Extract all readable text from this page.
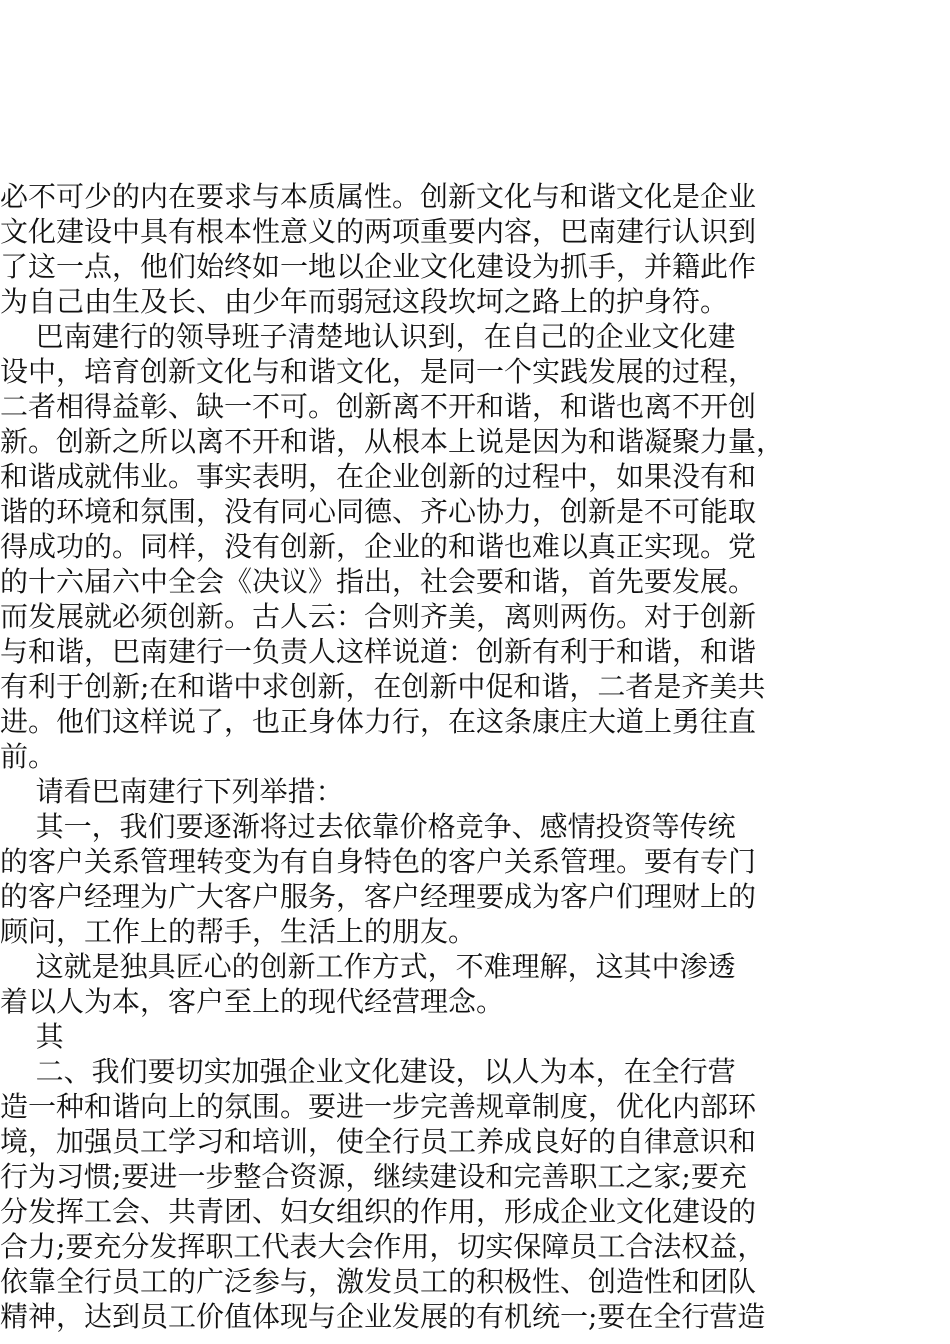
必不可少的内在要求与本质属性。创新文化与和谐文化是企业

文化建设中具有根本性意义的两项重要内容，巴南建行认识到

了这一点，他们始终如一地以企业文化建设为抓手，并籍此作

为自己由生及长、由少年而弱冠这段坎坷之路上的护身符。

巴南建行的领导班子清楚地认识到，在自己的企业文化建

设中，培育创新文化与和谐文化，是同一个实践发展的过程，

二者相得益彰、缺一不可。创新离不开和谐，和谐也离不开创

新。创新之所以离不开和谐，从根本上说是因为和谐凝聚力量，

和谐成就伟业。事实表明，在企业创新的过程中，如果没有和

谐的环境和氛围，没有同心同德、齐心协力，创新是不可能取

得成功的。同样，没有创新，企业的和谐也难以真正实现。党

的十六届六中全会《决议》指出，社会要和谐，首先要发展。

而发展就必须创新。古人云：合则齐美，离则两伤。对于创新

与和谐，巴南建行一负责人这样说道：创新有利于和谐，和谐

有利于创新;在和谐中求创新，在创新中促和谐，二者是齐美共

进。他们这样说了，也正身体力行，在这条康庄大道上勇往直

前。

请看巴南建行下列举措：

其一，我们要逐渐将过去依靠价格竞争、感情投资等传统

的客户关系管理转变为有自身特色的客户关系管理。要有专门

的客户经理为广大客户服务，客户经理要成为客户们理财上的

顾问，工作上的帮手，生活上的朋友。

这就是独具匠心的创新工作方式，不难理解，这其中渗透

着以人为本，客户至上的现代经营理念。

其

二、我们要切实加强企业文化建设，以人为本，在全行营

造一种和谐向上的氛围。要进一步完善规章制度，优化内部环

境，加强员工学习和培训，使全行员工养成良好的自律意识和

行为习惯;要进一步整合资源，继续建设和完善职工之家;要充

分发挥工会、共青团、妇女组织的作用，形成企业文化建设的

合力;要充分发挥职工代表大会作用，切实保障员工合法权益，

依靠全行员工的广泛参与，激发员工的积极性、创造性和团队

精神，达到员工价值体现与企业发展的有机统一;要在全行营造
